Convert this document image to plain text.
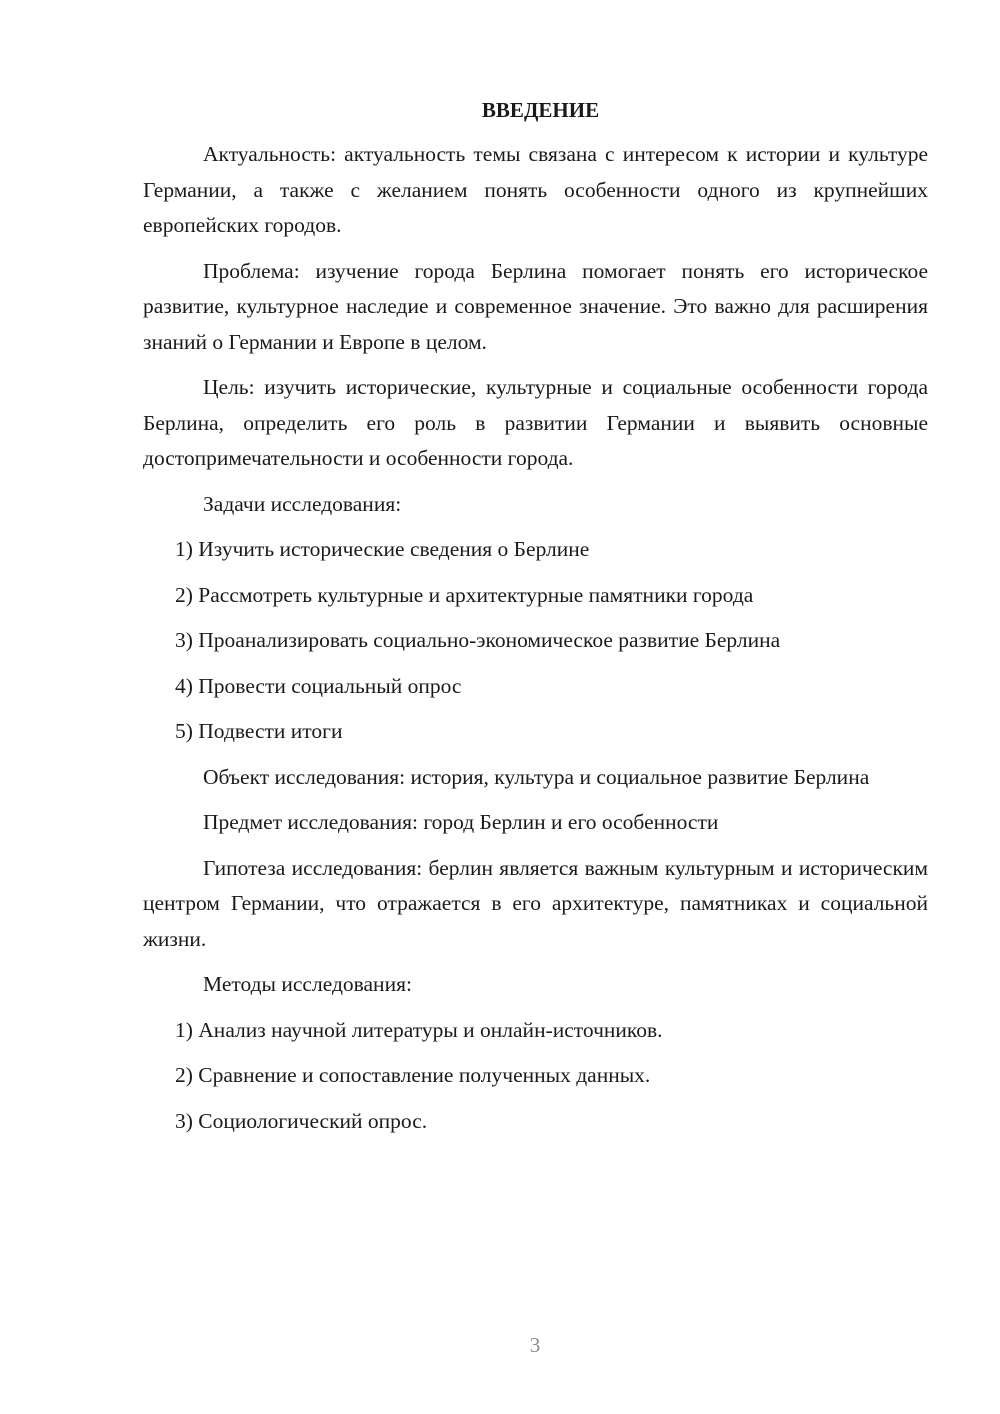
ВВЕДЕНИЕ

Актуальность: актуальность темы связана с интересом к истории и культуре Германии, а также с желанием понять особенности одного из крупнейших европейских городов.

Проблема: изучение города Берлина помогает понять его историческое развитие, культурное наследие и современное значение. Это важно для расширения знаний о Германии и Европе в целом.

Цель: изучить исторические, культурные и социальные особенности города Берлина, определить его роль в развитии Германии и выявить основные достопримечательности и особенности города.

Задачи исследования:

1) Изучить исторические сведения о Берлине

2) Рассмотреть культурные и архитектурные памятники города

3) Проанализировать социально-экономическое развитие Берлина

4) Провести социальный опрос

5) Подвести итоги

Объект исследования: история, культура и социальное развитие Берлина

Предмет исследования: город Берлин и его особенности

Гипотеза исследования: берлин является важным культурным и историческим центром Германии, что отражается в его архитектуре, памятниках и социальной жизни.

Методы исследования:

1) Анализ научной литературы и онлайн-источников.

2) Сравнение и сопоставление полученных данных.

3) Социологический опрос.

3
